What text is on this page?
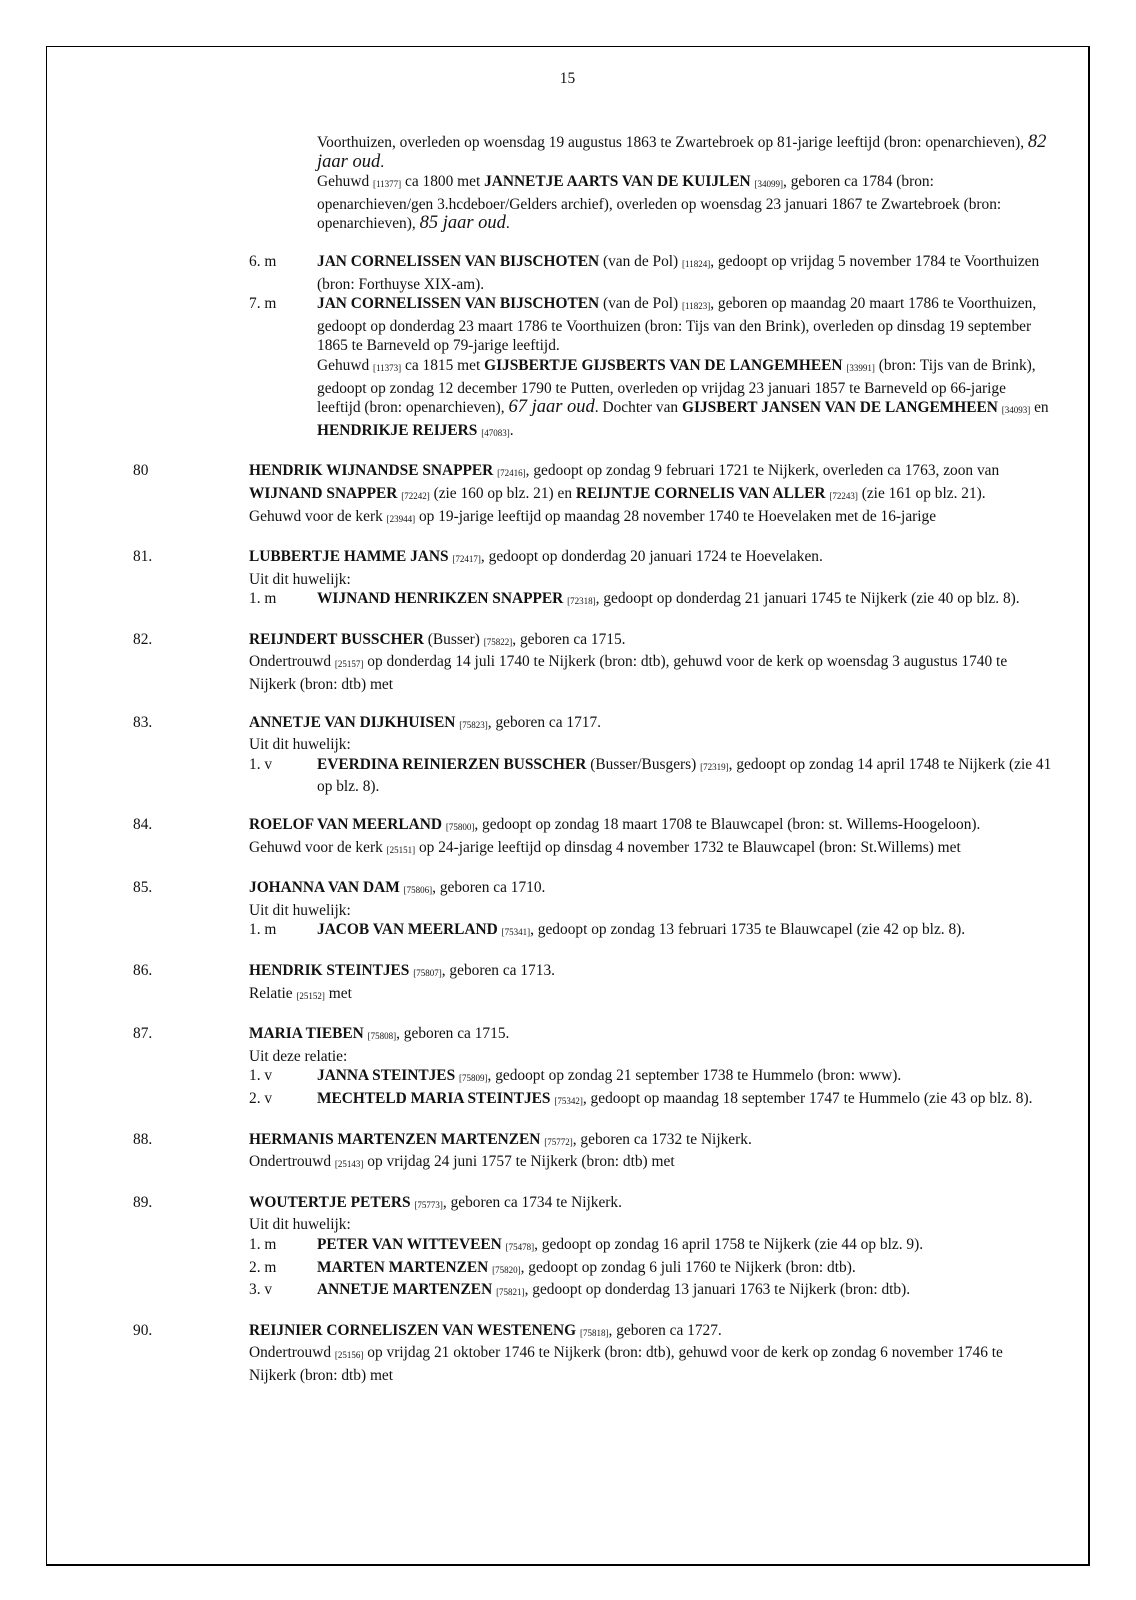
15
Voorthuizen, overleden op woensdag 19 augustus 1863 te Zwartebroek op 81-jarige leeftijd (bron: openarchieven), 82 jaar oud.
Gehuwd [11377] ca 1800 met JANNETJE AARTS VAN DE KUIJLEN [34099], geboren ca 1784 (bron: openarchieven/gen 3.hcdeboer/Gelders archief), overleden op woensdag 23 januari 1867 te Zwartebroek (bron: openarchieven), 85 jaar oud.
6. m	JAN CORNELISSEN VAN BIJSCHOTEN (van de Pol) [11824], gedoopt op vrijdag 5 november 1784 te Voorthuizen (bron: Forthuyse XIX-am).
7. m	JAN CORNELISSEN VAN BIJSCHOTEN (van de Pol) [11823], geboren op maandag 20 maart 1786 te Voorthuizen, gedoopt op donderdag 23 maart 1786 te Voorthuizen (bron: Tijs van den Brink), overleden op dinsdag 19 september 1865 te Barneveld op 79-jarige leeftijd.
Gehuwd [11373] ca 1815 met GIJSBERTJE GIJSBERTS VAN DE LANGEMHEEN [33991] (bron: Tijs van de Brink), gedoopt op zondag 12 december 1790 te Putten, overleden op vrijdag 23 januari 1857 te Barneveld op 66-jarige leeftijd (bron: openarchieven), 67 jaar oud. Dochter van GIJSBERT JANSEN VAN DE LANGEMHEEN [34093] en HENDRIKJE REIJERS [47083].
80	HENDRIK WIJNANDSE SNAPPER [72416], gedoopt op zondag 9 februari 1721 te Nijkerk, overleden ca 1763, zoon van WIJNAND SNAPPER [72242] (zie 160 op blz. 21) en REIJNTJE CORNELIS VAN ALLER [72243] (zie 161 op blz. 21).
Gehuwd voor de kerk [23944] op 19-jarige leeftijd op maandag 28 november 1740 te Hoevelaken met de 16-jarige
81.	LUBBERTJE HAMME JANS [72417], gedoopt op donderdag 20 januari 1724 te Hoevelaken.
Uit dit huwelijk:
1. m	WIJNAND HENRIKZEN SNAPPER [72318], gedoopt op donderdag 21 januari 1745 te Nijkerk (zie 40 op blz. 8).
82.	REIJNDERT BUSSCHER (Busser) [75822], geboren ca 1715.
Ondertrouwd [25157] op donderdag 14 juli 1740 te Nijkerk (bron: dtb), gehuwd voor de kerk op woensdag 3 augustus 1740 te Nijkerk (bron: dtb) met
83.	ANNETJE VAN DIJKHUISEN [75823], geboren ca 1717.
Uit dit huwelijk:
1. v	EVERDINA REINIERZEN BUSSCHER (Busser/Busgers) [72319], gedoopt op zondag 14 april 1748 te Nijkerk (zie 41 op blz. 8).
84.	ROELOF VAN MEERLAND [75800], gedoopt op zondag 18 maart 1708 te Blauwcapel (bron: st. Willems-Hoogeloon).
Gehuwd voor de kerk [25151] op 24-jarige leeftijd op dinsdag 4 november 1732 te Blauwcapel (bron: St.Willems) met
85.	JOHANNA VAN DAM [75806], geboren ca 1710.
Uit dit huwelijk:
1. m	JACOB VAN MEERLAND [75341], gedoopt op zondag 13 februari 1735 te Blauwcapel (zie 42 op blz. 8).
86.	HENDRIK STEINTJES [75807], geboren ca 1713.
Relatie [25152] met
87.	MARIA TIEBEN [75808], geboren ca 1715.
Uit deze relatie:
1. v	JANNA STEINTJES [75809], gedoopt op zondag 21 september 1738 te Hummelo (bron: www).
2. v	MECHTELD MARIA STEINTJES [75342], gedoopt op maandag 18 september 1747 te Hummelo (zie 43 op blz. 8).
88.	HERMANIS MARTENZEN MARTENZEN [75772], geboren ca 1732 te Nijkerk.
Ondertrouwd [25143] op vrijdag 24 juni 1757 te Nijkerk (bron: dtb) met
89.	WOUTERTJE PETERS [75773], geboren ca 1734 te Nijkerk.
Uit dit huwelijk:
1. m	PETER VAN WITTEVEEN [75478], gedoopt op zondag 16 april 1758 te Nijkerk (zie 44 op blz. 9).
2. m	MARTEN MARTENZEN [75820], gedoopt op zondag 6 juli 1760 te Nijkerk (bron: dtb).
3. v	ANNETJE MARTENZEN [75821], gedoopt op donderdag 13 januari 1763 te Nijkerk (bron: dtb).
90.	REIJNIER CORNELISZEN VAN WESTENENG [75818], geboren ca 1727.
Ondertrouwd [25156] op vrijdag 21 oktober 1746 te Nijkerk (bron: dtb), gehuwd voor de kerk op zondag 6 november 1746 te Nijkerk (bron: dtb) met
